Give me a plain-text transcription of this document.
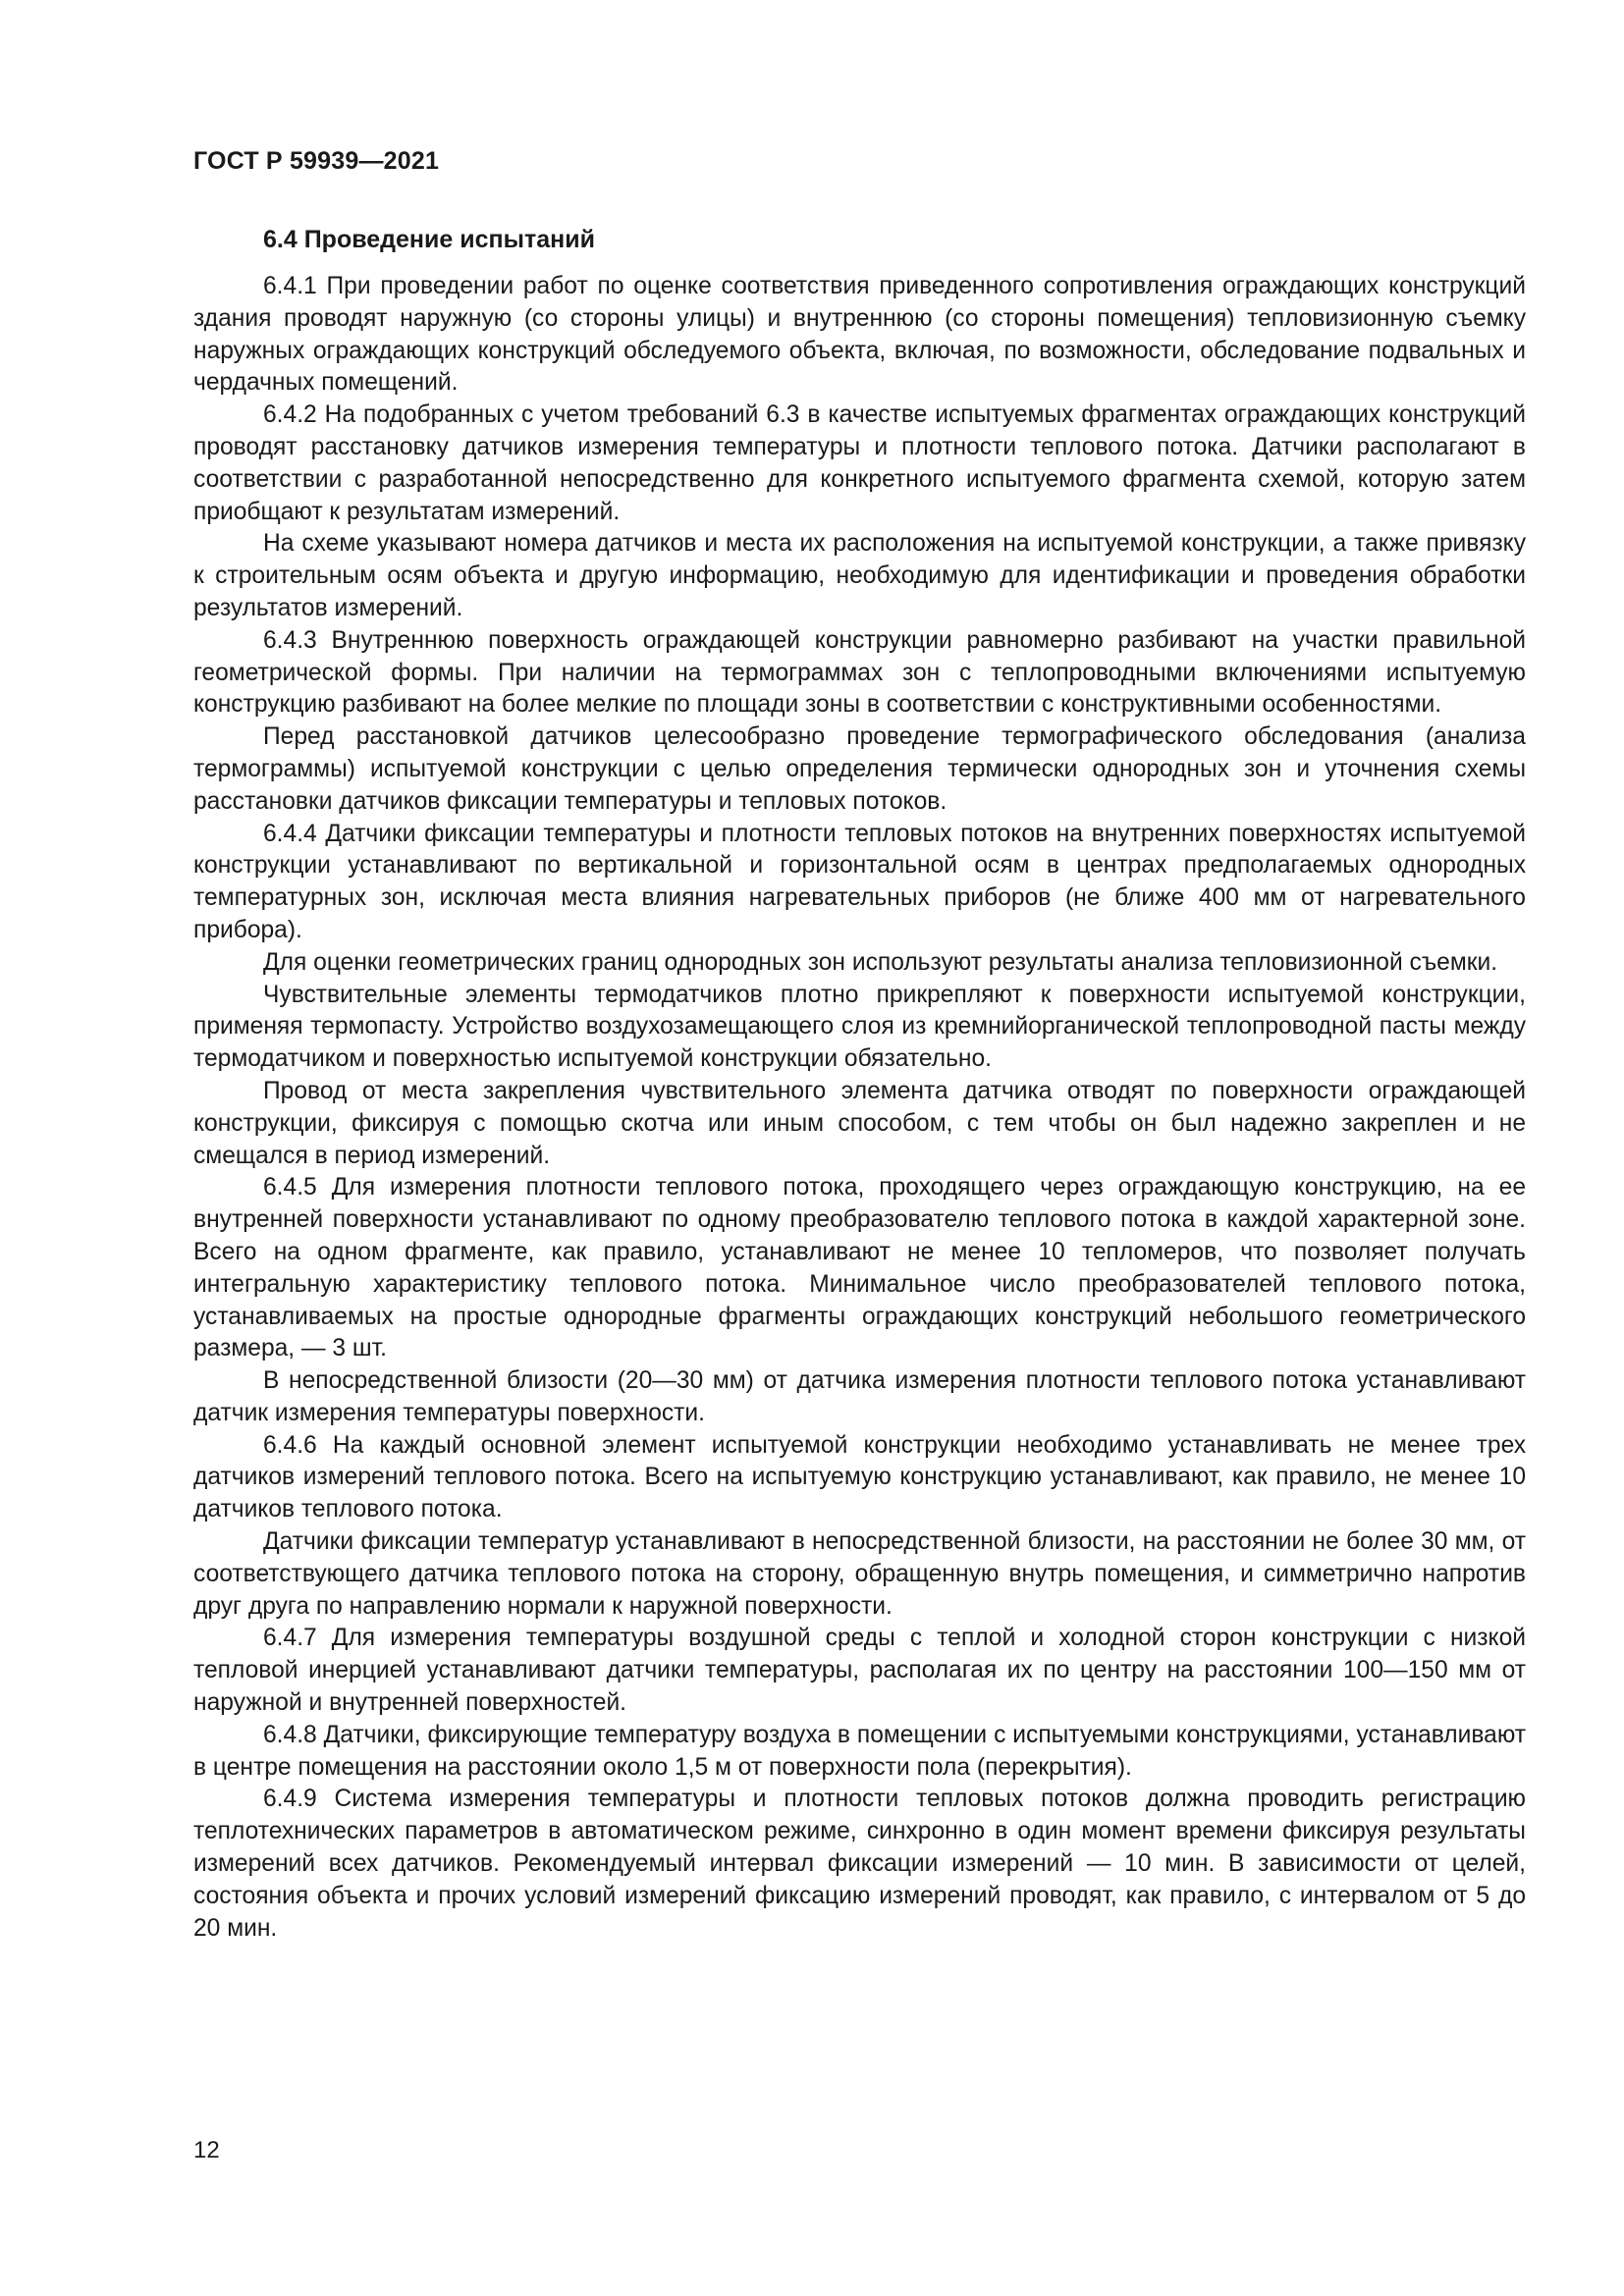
ГОСТ Р 59939—2021
6.4 Проведение испытаний

6.4.1 При проведении работ по оценке соответствия приведенного сопротивления ограждающих конструкций здания проводят наружную (со стороны улицы) и внутреннюю (со стороны помещения) тепловизионную съемку наружных ограждающих конструкций обследуемого объекта, включая, по возможности, обследование подвальных и чердачных помещений.

6.4.2 На подобранных с учетом требований 6.3 в качестве испытуемых фрагментах ограждающих конструкций проводят расстановку датчиков измерения температуры и плотности теплового потока. Датчики располагают в соответствии с разработанной непосредственно для конкретного испытуемого фрагмента схемой, которую затем приобщают к результатам измерений.

На схеме указывают номера датчиков и места их расположения на испытуемой конструкции, а также привязку к строительным осям объекта и другую информацию, необходимую для идентификации и проведения обработки результатов измерений.

6.4.3 Внутреннюю поверхность ограждающей конструкции равномерно разбивают на участки правильной геометрической формы. При наличии на термограммах зон с теплопроводными включениями испытуемую конструкцию разбивают на более мелкие по площади зоны в соответствии с конструктивными особенностями.

Перед расстановкой датчиков целесообразно проведение термографического обследования (анализа термограммы) испытуемой конструкции с целью определения термически однородных зон и уточнения схемы расстановки датчиков фиксации температуры и тепловых потоков.

6.4.4 Датчики фиксации температуры и плотности тепловых потоков на внутренних поверхностях испытуемой конструкции устанавливают по вертикальной и горизонтальной осям в центрах предполагаемых однородных температурных зон, исключая места влияния нагревательных приборов (не ближе 400 мм от нагревательного прибора).

Для оценки геометрических границ однородных зон используют результаты анализа тепловизионной съемки.

Чувствительные элементы термодатчиков плотно прикрепляют к поверхности испытуемой конструкции, применяя термопасту. Устройство воздухозамещающего слоя из кремнийорганической теплопроводной пасты между термодатчиком и поверхностью испытуемой конструкции обязательно.

Провод от места закрепления чувствительного элемента датчика отводят по поверхности ограждающей конструкции, фиксируя с помощью скотча или иным способом, с тем чтобы он был надежно закреплен и не смещался в период измерений.

6.4.5 Для измерения плотности теплового потока, проходящего через ограждающую конструкцию, на ее внутренней поверхности устанавливают по одному преобразователю теплового потока в каждой характерной зоне. Всего на одном фрагменте, как правило, устанавливают не менее 10 тепломеров, что позволяет получать интегральную характеристику теплового потока. Минимальное число преобразователей теплового потока, устанавливаемых на простые однородные фрагменты ограждающих конструкций небольшого геометрического размера, — 3 шт.

В непосредственной близости (20—30 мм) от датчика измерения плотности теплового потока устанавливают датчик измерения температуры поверхности.

6.4.6 На каждый основной элемент испытуемой конструкции необходимо устанавливать не менее трех датчиков измерений теплового потока. Всего на испытуемую конструкцию устанавливают, как правило, не менее 10 датчиков теплового потока.

Датчики фиксации температур устанавливают в непосредственной близости, на расстоянии не более 30 мм, от соответствующего датчика теплового потока на сторону, обращенную внутрь помещения, и симметрично напротив друг друга по направлению нормали к наружной поверхности.

6.4.7 Для измерения температуры воздушной среды с теплой и холодной сторон конструкции с низкой тепловой инерцией устанавливают датчики температуры, располагая их по центру на расстоянии 100—150 мм от наружной и внутренней поверхностей.

6.4.8 Датчики, фиксирующие температуру воздуха в помещении с испытуемыми конструкциями, устанавливают в центре помещения на расстоянии около 1,5 м от поверхности пола (перекрытия).

6.4.9 Система измерения температуры и плотности тепловых потоков должна проводить регистрацию теплотехнических параметров в автоматическом режиме, синхронно в один момент времени фиксируя результаты измерений всех датчиков. Рекомендуемый интервал фиксации измерений — 10 мин. В зависимости от целей, состояния объекта и прочих условий измерений фиксацию измерений проводят, как правило, с интервалом от 5 до 20 мин.

12
